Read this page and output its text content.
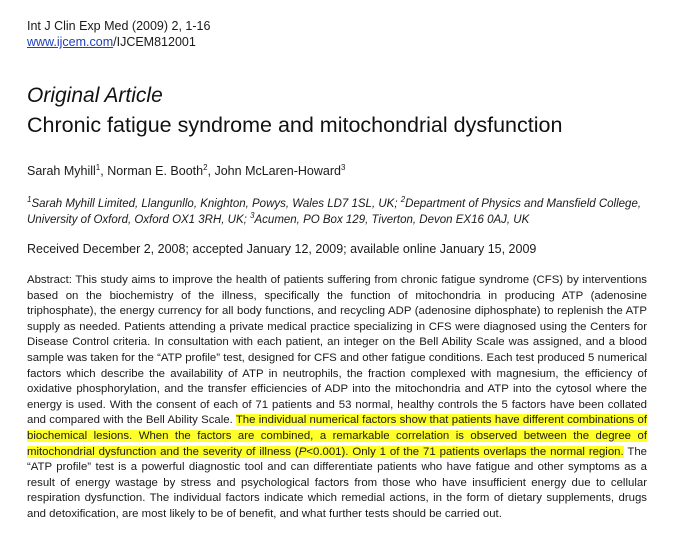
Int J Clin Exp Med (2009) 2, 1-16
www.ijcem.com/IJCEM812001
Original Article
Chronic fatigue syndrome and mitochondrial dysfunction
Sarah Myhill$^1$, Norman E. Booth$^2$, John McLaren-Howard$^3$
$^1$Sarah Myhill Limited, Llangunllo, Knighton, Powys, Wales LD7 1SL, UK; $^2$Department of Physics and Mansfield College, University of Oxford, Oxford OX1 3RH, UK; $^3$Acumen, PO Box 129, Tiverton, Devon EX16 0AJ, UK
Received December 2, 2008; accepted January 12, 2009; available online January 15, 2009
Abstract: This study aims to improve the health of patients suffering from chronic fatigue syndrome (CFS) by interventions based on the biochemistry of the illness, specifically the function of mitochondria in producing ATP (adenosine triphosphate), the energy currency for all body functions, and recycling ADP (adenosine diphosphate) to replenish the ATP supply as needed. Patients attending a private medical practice specializing in CFS were diagnosed using the Centers for Disease Control criteria. In consultation with each patient, an integer on the Bell Ability Scale was assigned, and a blood sample was taken for the “ATP profile” test, designed for CFS and other fatigue conditions. Each test produced 5 numerical factors which describe the availability of ATP in neutrophils, the fraction complexed with magnesium, the efficiency of oxidative phosphorylation, and the transfer efficiencies of ADP into the mitochondria and ATP into the cytosol where the energy is used. With the consent of each of 71 patients and 53 normal, healthy controls the 5 factors have been collated and compared with the Bell Ability Scale. The individual numerical factors show that patients have different combinations of biochemical lesions. When the factors are combined, a remarkable correlation is observed between the degree of mitochondrial dysfunction and the severity of illness (P<0.001). Only 1 of the 71 patients overlaps the normal region. The “ATP profile” test is a powerful diagnostic tool and can differentiate patients who have fatigue and other symptoms as a result of energy wastage by stress and psychological factors from those who have insufficient energy due to cellular respiration dysfunction. The individual factors indicate which remedial actions, in the form of dietary supplements, drugs and detoxification, are most likely to be of benefit, and what further tests should be carried out.
